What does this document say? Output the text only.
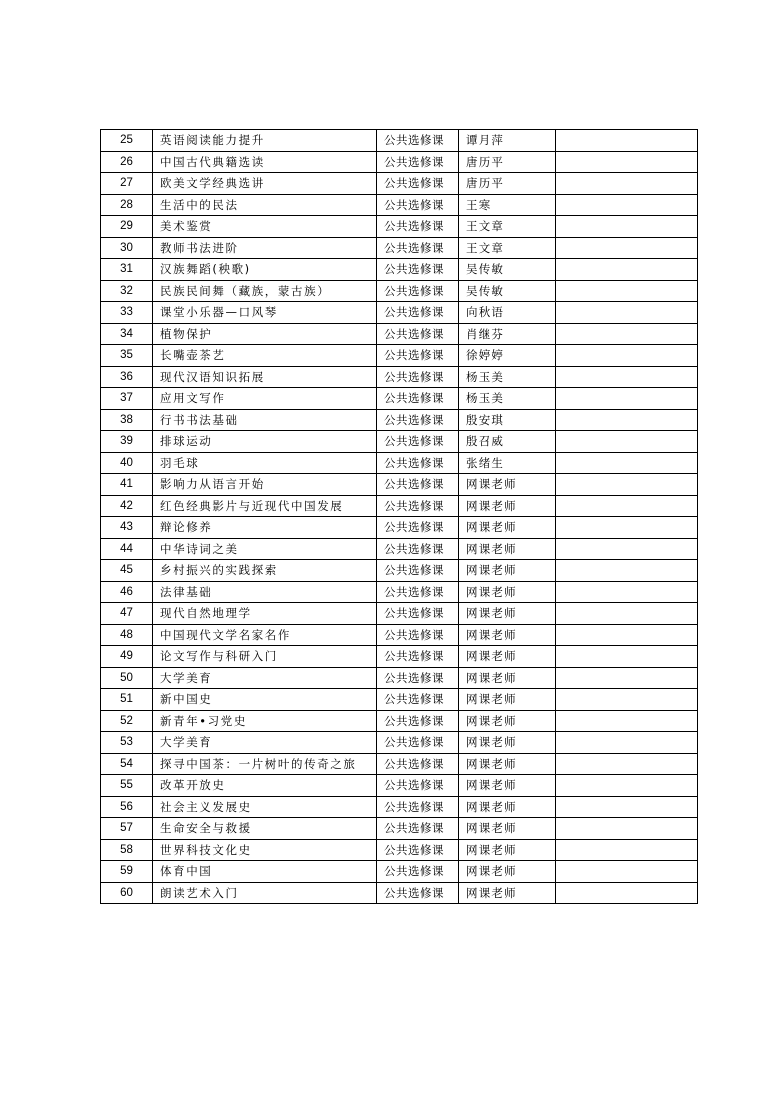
25	英语阅读能力提升	公共选修课	谭月萍	
26	中国古代典籍选读	公共选修课	唐历平	
27	欧美文学经典选讲	公共选修课	唐历平	
28	生活中的民法	公共选修课	王寒	
29	美术鉴赏	公共选修课	王文章	
30	教师书法进阶	公共选修课	王文章	
31	汉族舞蹈(秧歌)	公共选修课	吴传敏	
32	民族民间舞（藏族，蒙古族）	公共选修课	吴传敏	
33	课堂小乐器—口风琴	公共选修课	向秋语	
34	植物保护	公共选修课	肖继芬	
35	长嘴壶茶艺	公共选修课	徐婷婷	
36	现代汉语知识拓展	公共选修课	杨玉美	
37	应用文写作	公共选修课	杨玉美	
38	行书书法基础	公共选修课	殷安琪	
39	排球运动	公共选修课	殷召威	
40	羽毛球	公共选修课	张绪生	
41	影响力从语言开始	公共选修课	网课老师	
42	红色经典影片与近现代中国发展	公共选修课	网课老师	
43	辩论修养	公共选修课	网课老师	
44	中华诗词之美	公共选修课	网课老师	
45	乡村振兴的实践探索	公共选修课	网课老师	
46	法律基础	公共选修课	网课老师	
47	现代自然地理学	公共选修课	网课老师	
48	中国现代文学名家名作	公共选修课	网课老师	
49	论文写作与科研入门	公共选修课	网课老师	
50	大学美育	公共选修课	网课老师	
51	新中国史	公共选修课	网课老师	
52	新青年•习党史	公共选修课	网课老师	
53	大学美育	公共选修课	网课老师	
54	探寻中国茶：一片树叶的传奇之旅	公共选修课	网课老师	
55	改革开放史	公共选修课	网课老师	
56	社会主义发展史	公共选修课	网课老师	
57	生命安全与救援	公共选修课	网课老师	
58	世界科技文化史	公共选修课	网课老师	
59	体育中国	公共选修课	网课老师	
60	朗读艺术入门	公共选修课	网课老师	
